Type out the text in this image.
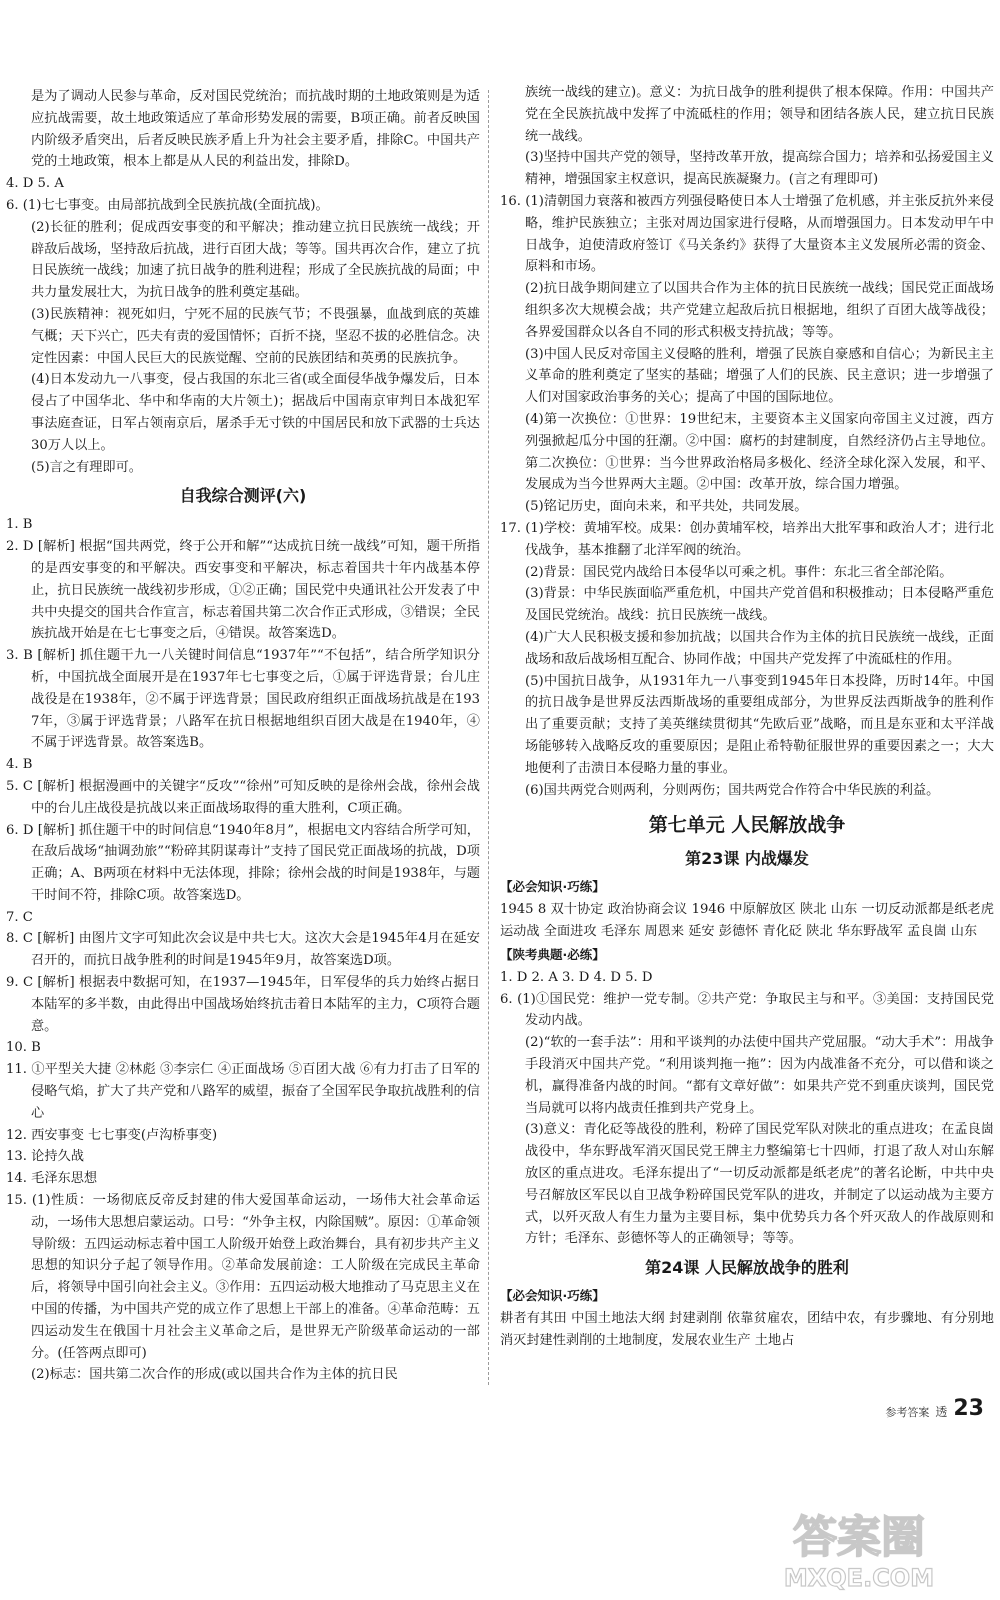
是为了调动人民参与革命，反对国民党统治；而抗战时期的土地政策则是为适应抗战需要，故土地政策适应了革命形势发展的需要，B项正确。前者反映国内阶级矛盾突出，后者反映民族矛盾上升为社会主要矛盾，排除C。中国共产党的土地政策，根本上都是从人民的利益出发，排除D。

4. D 5. A

6. (1)七七事变。由局部抗战到全民族抗战(全面抗战)。

(2)长征的胜利；促成西安事变的和平解决；推动建立抗日民族统一战线；开辟敌后战场，坚持敌后抗战，进行百团大战；等等。国共再次合作，建立了抗日民族统一战线；加速了抗日战争的胜利进程；形成了全民族抗战的局面；中共力量发展壮大，为抗日战争的胜利奠定基础。

(3)民族精神：视死如归，宁死不屈的民族气节；不畏强暴，血战到底的英雄气概；天下兴亡，匹夫有责的爱国情怀；百折不挠，坚忍不拔的必胜信念。决定性因素：中国人民巨大的民族觉醒、空前的民族团结和英勇的民族抗争。

(4)日本发动九一八事变，侵占我国的东北三省(或全面侵华战争爆发后，日本侵占了中国华北、华中和华南的大片领土)；据战后中国南京审判日本战犯军事法庭查证，日军占领南京后，屠杀手无寸铁的中国居民和放下武器的士兵达30万人以上。

(5)言之有理即可。

自我综合测评(六)

1. B

2. D [解析] 根据“国共两党，终于公开和解”“达成抗日统一战线”可知，题干所指的是西安事变的和平解决。西安事变和平解决，标志着国共十年内战基本停止，抗日民族统一战线初步形成，①②正确；国民党中央通讯社公开发表了中共中央提交的国共合作宣言，标志着国共第二次合作正式形成，③错误；全民族抗战开始是在七七事变之后，④错误。故答案选D。

3. B [解析] 抓住题干九一八关键时间信息“1937年”“不包括”，结合所学知识分析，中国抗战全面展开是在1937年七七事变之后，①属于评选背景；台儿庄战役是在1938年，②不属于评选背景；国民政府组织正面战场抗战是在1937年，③属于评选背景；八路军在抗日根据地组织百团大战是在1940年，④不属于评选背景。故答案选B。

4. B

5. C [解析] 根据漫画中的关键字“反攻”“徐州”可知反映的是徐州会战，徐州会战中的台儿庄战役是抗战以来正面战场取得的重大胜利，C项正确。

6. D [解析] 抓住题干中的时间信息“1940年8月”，根据电文内容结合所学可知，在敌后战场“抽调劲旅”“粉碎其阴谋毒计”支持了国民党正面战场的抗战，D项正确；A、B两项在材料中无法体现，排除；徐州会战的时间是1938年，与题干时间不符，排除C项。故答案选D。

7. C

8. C [解析] 由图片文字可知此次会议是中共七大。这次大会是1945年4月在延安召开的，而抗日战争胜利的时间是1945年9月，故答案选D项。

9. C [解析] 根据表中数据可知，在1937—1945年，日军侵华的兵力始终占据日本陆军的多半数，由此得出中国战场始终抗击着日本陆军的主力，C项符合题意。

10. B

11. ①平型关大捷 ②林彪 ③李宗仁 ④正面战场 ⑤百团大战 ⑥有力打击了日军的侵略气焰，扩大了共产党和八路军的威望，振奋了全国军民争取抗战胜利的信心

12. 西安事变 七七事变(卢沟桥事变)

13. 论持久战

14. 毛泽东思想

15. (1)性质：一场彻底反帝反封建的伟大爱国革命运动，一场伟大社会革命运动，一场伟大思想启蒙运动。口号：“外争主权，内除国贼”。原因：①革命领导阶级：五四运动标志着中国工人阶级开始登上政治舞台，具有初步共产主义思想的知识分子起了领导作用。②革命发展前途：工人阶级在完成民主革命后，将领导中国引向社会主义。③作用：五四运动极大地推动了马克思主义在中国的传播，为中国共产党的成立作了思想上干部上的准备。④革命范畴：五四运动发生在俄国十月社会主义革命之后，是世界无产阶级革命运动的一部分。(任答两点即可)

(2)标志：国共第二次合作的形成(或以国共合作为主体的抗日民

族统一战线的建立)。意义：为抗日战争的胜利提供了根本保障。作用：中国共产党在全民族抗战中发挥了中流砥柱的作用；领导和团结各族人民，建立抗日民族统一战线。

(3)坚持中国共产党的领导，坚持改革开放，提高综合国力；培养和弘扬爱国主义精神，增强国家主权意识，提高民族凝聚力。(言之有理即可)

16. (1)清朝国力衰落和被西方列强侵略使日本人士增强了危机感，并主张反抗外来侵略，维护民族独立；主张对周边国家进行侵略，从而增强国力。日本发动甲午中日战争，迫使清政府签订《马关条约》获得了大量资本主义发展所必需的资金、原料和市场。

(2)抗日战争期间建立了以国共合作为主体的抗日民族统一战线；国民党正面战场组织多次大规模会战；共产党建立起敌后抗日根据地，组织了百团大战等战役；各界爱国群众以各自不同的形式积极支持抗战；等等。

(3)中国人民反对帝国主义侵略的胜利，增强了民族自豪感和自信心；为新民主主义革命的胜利奠定了坚实的基础；增强了人们的民族、民主意识；进一步增强了人们对国家政治事务的关心；提高了中国的国际地位。

(4)第一次换位：①世界：19世纪末，主要资本主义国家向帝国主义过渡，西方列强掀起瓜分中国的狂潮。②中国：腐朽的封建制度，自然经济仍占主导地位。第二次换位：①世界：当今世界政治格局多极化、经济全球化深入发展，和平、发展成为当今世界两大主题。②中国：改革开放，综合国力增强。

(5)铭记历史，面向未来，和平共处，共同发展。

17. (1)学校：黄埔军校。成果：创办黄埔军校，培养出大批军事和政治人才；进行北伐战争，基本推翻了北洋军阀的统治。

(2)背景：国民党内战给日本侵华以可乘之机。事件：东北三省全部沦陷。

(3)背景：中华民族面临严重危机，中国共产党首倡和积极推动；日本侵略严重危及国民党统治。战线：抗日民族统一战线。

(4)广大人民积极支援和参加抗战；以国共合作为主体的抗日民族统一战线，正面战场和敌后战场相互配合、协同作战；中国共产党发挥了中流砥柱的作用。

(5)中国抗日战争，从1931年九一八事变到1945年日本投降，历时14年。中国的抗日战争是世界反法西斯战场的重要组成部分，为世界反法西斯战争的胜利作出了重要贡献；支持了美英继续贯彻其“先欧后亚”战略，而且是东亚和太平洋战场能够转入战略反攻的重要原因；是阻止希特勒征服世界的重要因素之一；大大地便利了击溃日本侵略力量的事业。

(6)国共两党合则两利，分则两伤；国共两党合作符合中华民族的利益。

第七单元 人民解放战争
第23课 内战爆发
【必会知识·巧练】

1945 8 双十协定 政治协商会议 1946 中原解放区 陕北 山东 一切反动派都是纸老虎 运动战 全面进攻 毛泽东 周恩来 延安 彭德怀 青化砭 陕北 华东野战军 孟良崮 山东

【陕考典题·必练】

1. D 2. A 3. D 4. D 5. D

6. (1)①国民党：维护一党专制。②共产党：争取民主与和平。③美国：支持国民党发动内战。

(2)“软的一套手法”：用和平谈判的办法使中国共产党屈服。“动大手术”：用战争手段消灭中国共产党。“利用谈判拖一拖”：因为内战准备不充分，可以借和谈之机，赢得准备内战的时间。“都有文章好做”：如果共产党不到重庆谈判，国民党当局就可以将内战责任推到共产党身上。

(3)意义：青化砭等战役的胜利，粉碎了国民党军队对陕北的重点进攻；在孟良崮战役中，华东野战军消灭国民党王牌主力整编第七十四师，打退了敌人对山东解放区的重点进攻。毛泽东提出了“一切反动派都是纸老虎”的著名论断，中共中央号召解放区军民以自卫战争粉碎国民党军队的进攻，并制定了以运动战为主要方式，以歼灭敌人有生力量为主要目标，集中优势兵力各个歼灭敌人的作战原则和方针；毛泽东、彭德怀等人的正确领导；等等。

第24课 人民解放战争的胜利
【必会知识·巧练】

耕者有其田 中国土地法大纲 封建剥削 依靠贫雇农，团结中农，有步骤地、有分别地消灭封建性剥削的土地制度，发展农业生产 土地占

参考答案 透 23
答案圈
MXQE.COM
